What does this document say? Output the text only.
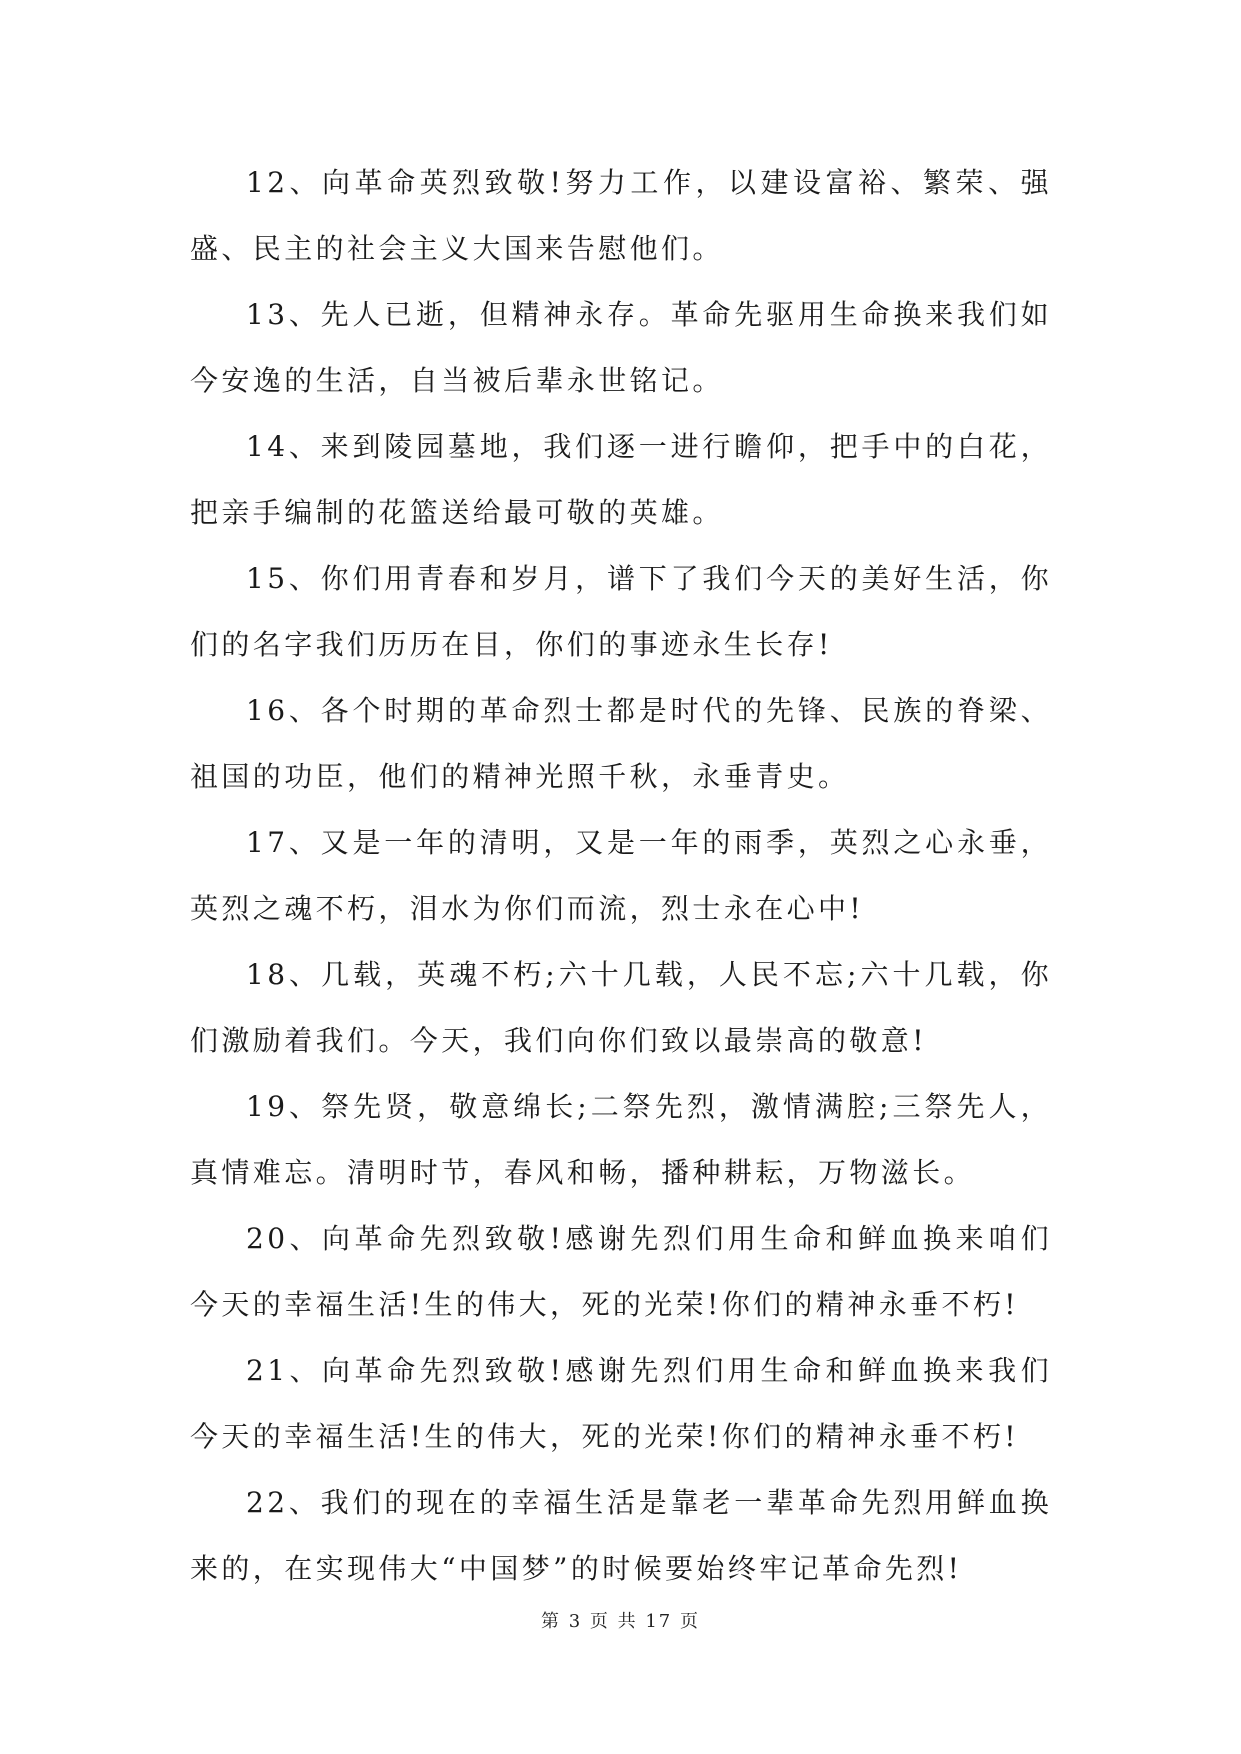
12、向革命英烈致敬!努力工作，以建设富裕、繁荣、强盛、民主的社会主义大国来告慰他们。

13、先人已逝，但精神永存。革命先驱用生命换来我们如今安逸的生活，自当被后辈永世铭记。

14、来到陵园墓地，我们逐一进行瞻仰，把手中的白花，把亲手编制的花篮送给最可敬的英雄。

15、你们用青春和岁月，谱下了我们今天的美好生活，你们的名字我们历历在目，你们的事迹永生长存!

16、各个时期的革命烈士都是时代的先锋、民族的脊梁、祖国的功臣，他们的精神光照千秋，永垂青史。

17、又是一年的清明，又是一年的雨季，英烈之心永垂，英烈之魂不朽，泪水为你们而流，烈士永在心中!

18、几载，英魂不朽;六十几载，人民不忘;六十几载，你们激励着我们。今天，我们向你们致以最崇高的敬意!

19、祭先贤，敬意绵长;二祭先烈，激情满腔;三祭先人，真情难忘。清明时节，春风和畅，播种耕耘，万物滋长。

20、向革命先烈致敬!感谢先烈们用生命和鲜血换来咱们今天的幸福生活!生的伟大，死的光荣!你们的精神永垂不朽!

21、向革命先烈致敬!感谢先烈们用生命和鲜血换来我们今天的幸福生活!生的伟大，死的光荣!你们的精神永垂不朽!

22、我们的现在的幸福生活是靠老一辈革命先烈用鲜血换来的，在实现伟大“中国梦”的时候要始终牢记革命先烈!

第 3 页 共 17 页
